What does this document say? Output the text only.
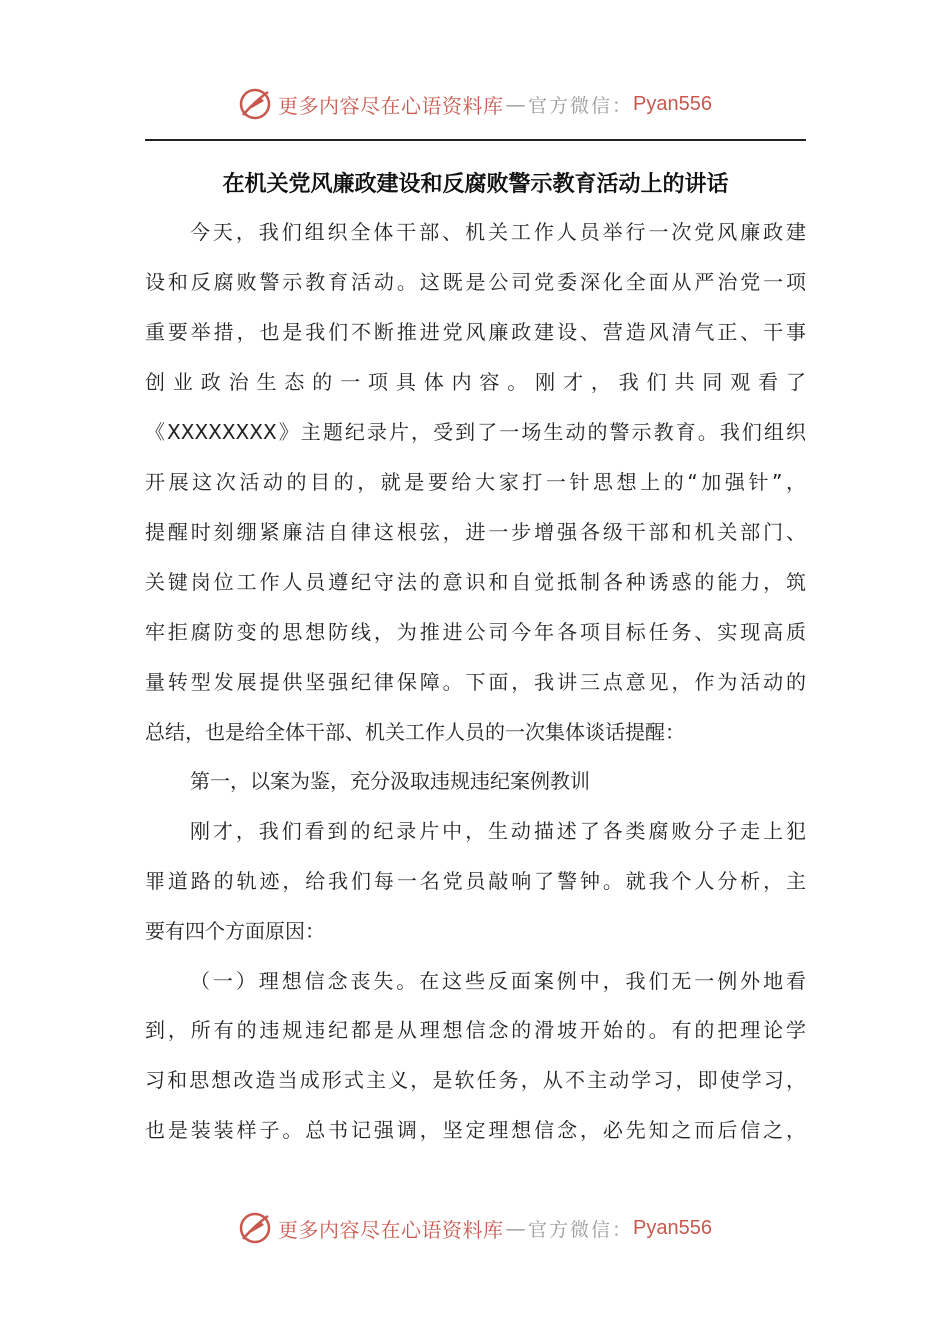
更多内容尽在心语资料库 — 官方微信： Pyan556
在机关党风廉政建设和反腐败警示教育活动上的讲话
今天，我们组织全体干部、机关工作人员举行一次党风廉政建
设和反腐败警示教育活动。这既是公司党委深化全面从严治党一项
重要举措，也是我们不断推进党风廉政建设、营造风清气正、干事
创业政治生态的一项具体内容。刚才，我们共同观看了
《XXXXXXXX》主题纪录片，受到了一场生动的警示教育。我们组织
开展这次活动的目的，就是要给大家打一针思想上的“加强针”，
提醒时刻绷紧廉洁自律这根弦，进一步增强各级干部和机关部门、
关键岗位工作人员遵纪守法的意识和自觉抵制各种诱惑的能力，筑
牢拒腐防变的思想防线，为推进公司今年各项目标任务、实现高质
量转型发展提供坚强纪律保障。下面，我讲三点意见，作为活动的
总结，也是给全体干部、机关工作人员的一次集体谈话提醒：
第一，以案为鉴，充分汲取违规违纪案例教训
刚才，我们看到的纪录片中，生动描述了各类腐败分子走上犯
罪道路的轨迹，给我们每一名党员敲响了警钟。就我个人分析，主
要有四个方面原因：
（一）理想信念丧失。在这些反面案例中，我们无一例外地看
到，所有的违规违纪都是从理想信念的滑坡开始的。有的把理论学
习和思想改造当成形式主义，是软任务，从不主动学习，即使学习，
也是装装样子。总书记强调，坚定理想信念，必先知之而后信之，
更多内容尽在心语资料库 — 官方微信： Pyan556
